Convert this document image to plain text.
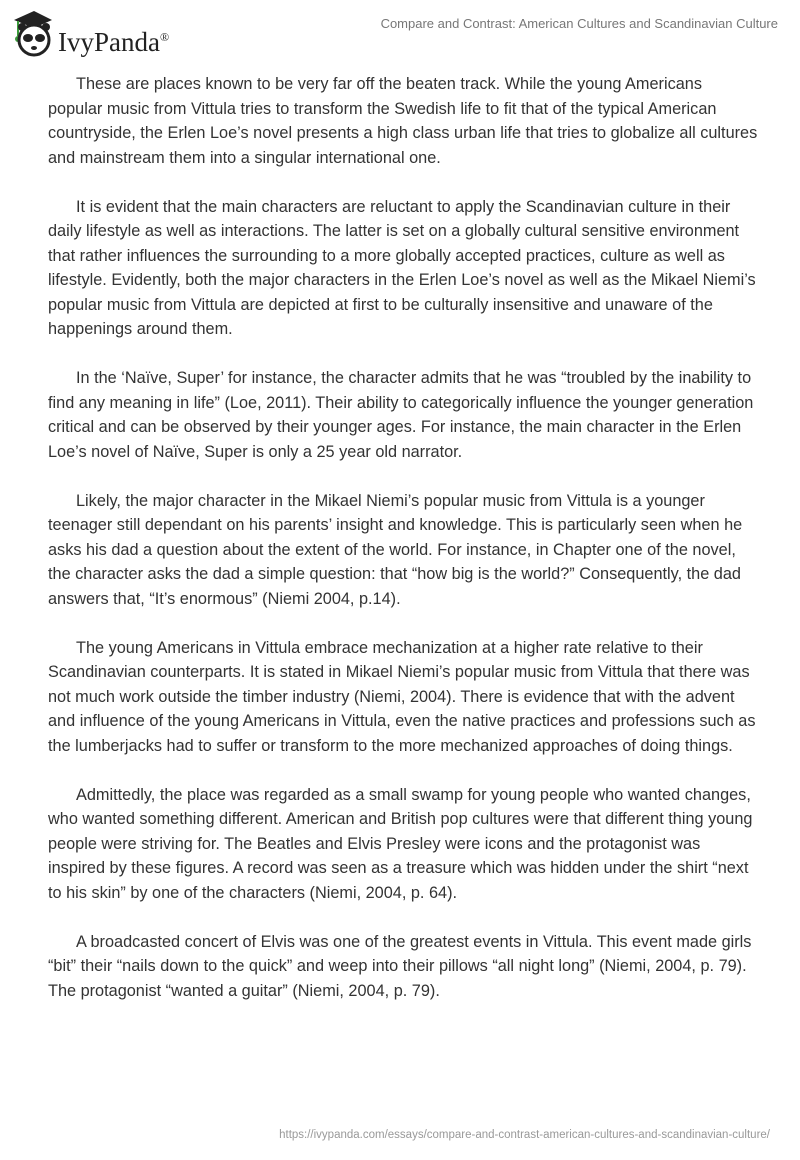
IvyPanda®
Compare and Contrast: American Cultures and Scandinavian Culture

These are places known to be very far off the beaten track. While the young Americans popular music from Vittula tries to transform the Swedish life to fit that of the typical American countryside, the Erlen Loe’s novel presents a high class urban life that tries to globalize all cultures and mainstream them into a singular international one.

It is evident that the main characters are reluctant to apply the Scandinavian culture in their daily lifestyle as well as interactions. The latter is set on a globally cultural sensitive environment that rather influences the surrounding to a more globally accepted practices, culture as well as lifestyle. Evidently, both the major characters in the Erlen Loe’s novel as well as the Mikael Niemi’s popular music from Vittula are depicted at first to be culturally insensitive and unaware of the happenings around them.

In the ‘Naïve, Super’ for instance, the character admits that he was “troubled by the inability to find any meaning in life” (Loe, 2011). Their ability to categorically influence the younger generation critical and can be observed by their younger ages. For instance, the main character in the Erlen Loe’s novel of Naïve, Super is only a 25 year old narrator.

Likely, the major character in the Mikael Niemi’s popular music from Vittula is a younger teenager still dependant on his parents’ insight and knowledge. This is particularly seen when he asks his dad a question about the extent of the world. For instance, in Chapter one of the novel, the character asks the dad a simple question: that “how big is the world?” Consequently, the dad answers that, “It’s enormous” (Niemi 2004, p.14).

The young Americans in Vittula embrace mechanization at a higher rate relative to their Scandinavian counterparts. It is stated in Mikael Niemi’s popular music from Vittula that there was not much work outside the timber industry (Niemi, 2004). There is evidence that with the advent and influence of the young Americans in Vittula, even the native practices and professions such as the lumberjacks had to suffer or transform to the more mechanized approaches of doing things.

Admittedly, the place was regarded as a small swamp for young people who wanted changes, who wanted something different. American and British pop cultures were that different thing young people were striving for. The Beatles and Elvis Presley were icons and the protagonist was inspired by these figures. A record was seen as a treasure which was hidden under the shirt “next to his skin” by one of the characters (Niemi, 2004, p. 64).

A broadcasted concert of Elvis was one of the greatest events in Vittula. This event made girls “bit” their “nails down to the quick” and weep into their pillows “all night long” (Niemi, 2004, p. 79). The protagonist “wanted a guitar” (Niemi, 2004, p. 79).

https://ivypanda.com/essays/compare-and-contrast-american-cultures-and-scandinavian-culture/
